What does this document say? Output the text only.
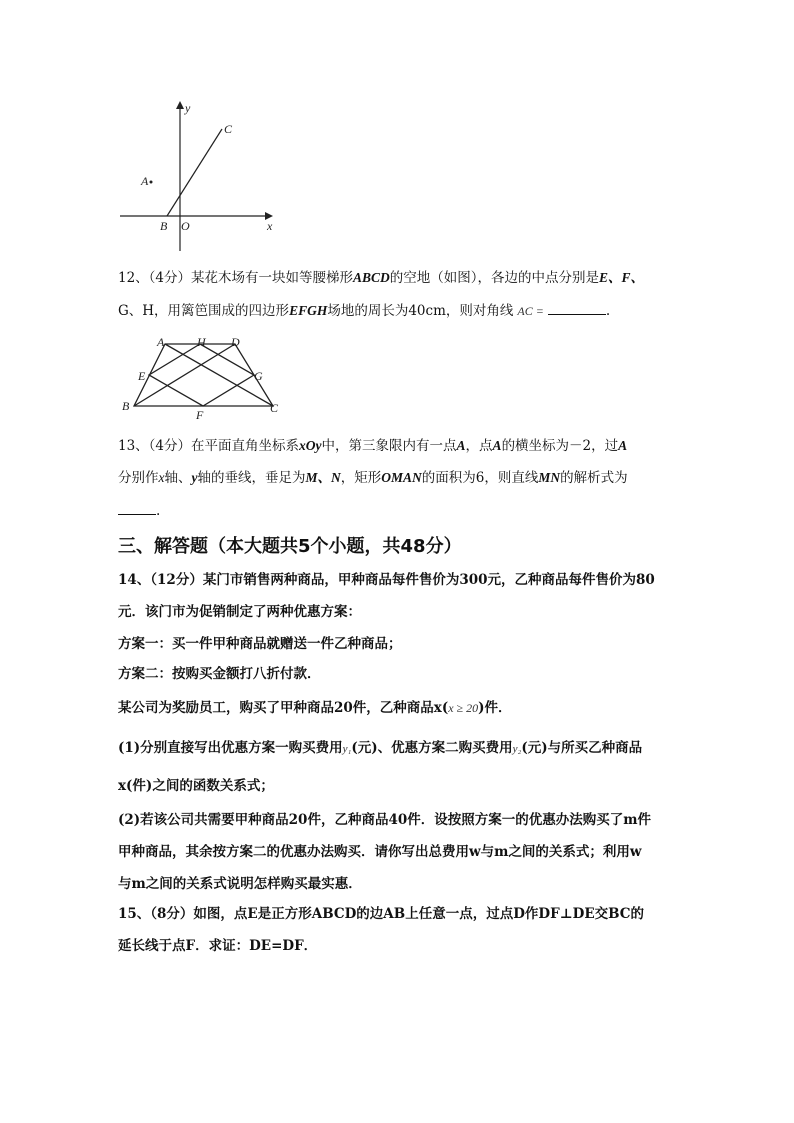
y
C
A
B O	x
12、（4分）某花木场有一块如等腰梯形ABCD的空地（如图），各边的中点分别是E、F、
G、H，用篱笆围成的四边形EFGH场地的周长为40cm，则对角线 AC =	.
A	H D
E	G
B
F	C
13、（4分）在平面直角坐标系xOy中，第三象限内有一点A，点A的横坐标为－2，过A
分别作x轴、y轴的垂线，垂足为M、N，矩形OMAN的面积为6，则直线MN的解析式为
.
三、解答题（本大题共5个小题，共48分）
14、（12分）某门市销售两种商品，甲种商品每件售价为300元，乙种商品每件售价为80
元．该门市为促销制定了两种优惠方案：
方案一：买一件甲种商品就赠送一件乙种商品；
方案二：按购买金额打八折付款．
某公司为奖励员工，购买了甲种商品20件，乙种商品x(x ≥ 20)件．
(1)分别直接写出优惠方案一购买费用y₁(元)、优惠方案二购买费用y₂(元)与所买乙种商品
x(件)之间的函数关系式；
(2)若该公司共需要甲种商品20件，乙种商品40件．设按照方案一的优惠办法购买了m件
甲种商品，其余按方案二的优惠办法购买．请你写出总费用w与m之间的关系式；利用w
与m之间的关系式说明怎样购买最实惠．
15、（8分）如图，点E是正方形ABCD的边AB上任意一点，过点D作DF⊥DE交BC的
延长线于点F．求证：DE=DF．
